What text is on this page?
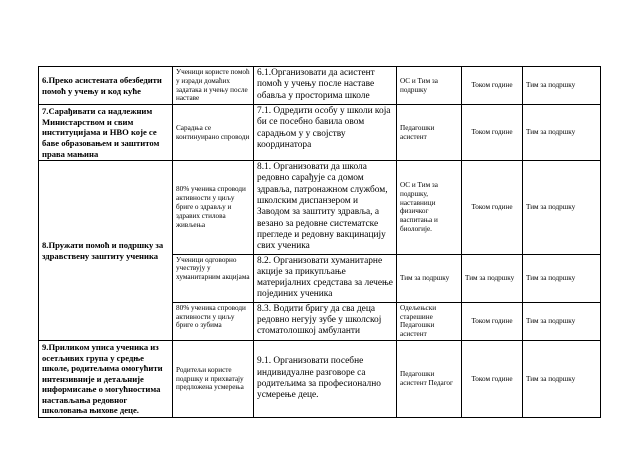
6.Преко асистената обезбедити помоћ у учењу и код куће	Ученици користе помоћ у изради домаћих задатака и учењу после наставе	6.1.Организовати да асистент помоћ у учењу после наставе обавља у просторима школе	ОС и Тим за подршку	Током године	Тим за подршку
7.Сарађивати са надлежним Министарством и свим институцијама и НВО које се баве образовањем и заштитом права мањина	Сарадња се континуирано спроводи	7.1. Одредити особу у школи која би се посебно бавила овом сарадњом у у својству координатора	Педагошки асистент	Током године	Тим за подршку
8.Пружати помоћ и подршку за здравствену заштиту ученика	80% ученика спроводи активности у циљу бриге о здрављу и здравих стилова живљења	8.1. Организовати да школа редовно сарађује са домом здравља, патронажном службом, школским диспанзером и Заводом за заштиту здравља, а везано за редовне систематске прегледе и редовну вакцинацију свих ученика	ОС и Тим за подршку, наставници физичког васпитања и биологије.	Током године	Тим за подршку
	Ученици одговорно учествују у хуманитарним акцијама	8.2. Организовати хуманитарне акције за прикупљање материјалних средстава за лечење појединих ученика	Тим за подршку	Тим за подршку	Тим за подршку
	80% ученика спроводи активности у циљу бриге о зубима	8.3. Водити бригу да сва деца редовно негују зубе у школској стоматолошкој амбуланти	Одељењски старешине Педагошки асистент	Током године	Тим за подршку
9.Приликом уписа ученика из осетљивих група у средње школе, родитељима омогућити интензивније и детаљније информисање о могућностима настављања редовног школовања њихове деце.	Родитељи користе подршку и прихватају предложена усмерења	9.1. Организовати посебне индивидуалне разговоре са родитељима за професионално усмерење деце.	Педагошки асистент Педагог	Током године	Тим за подршку
